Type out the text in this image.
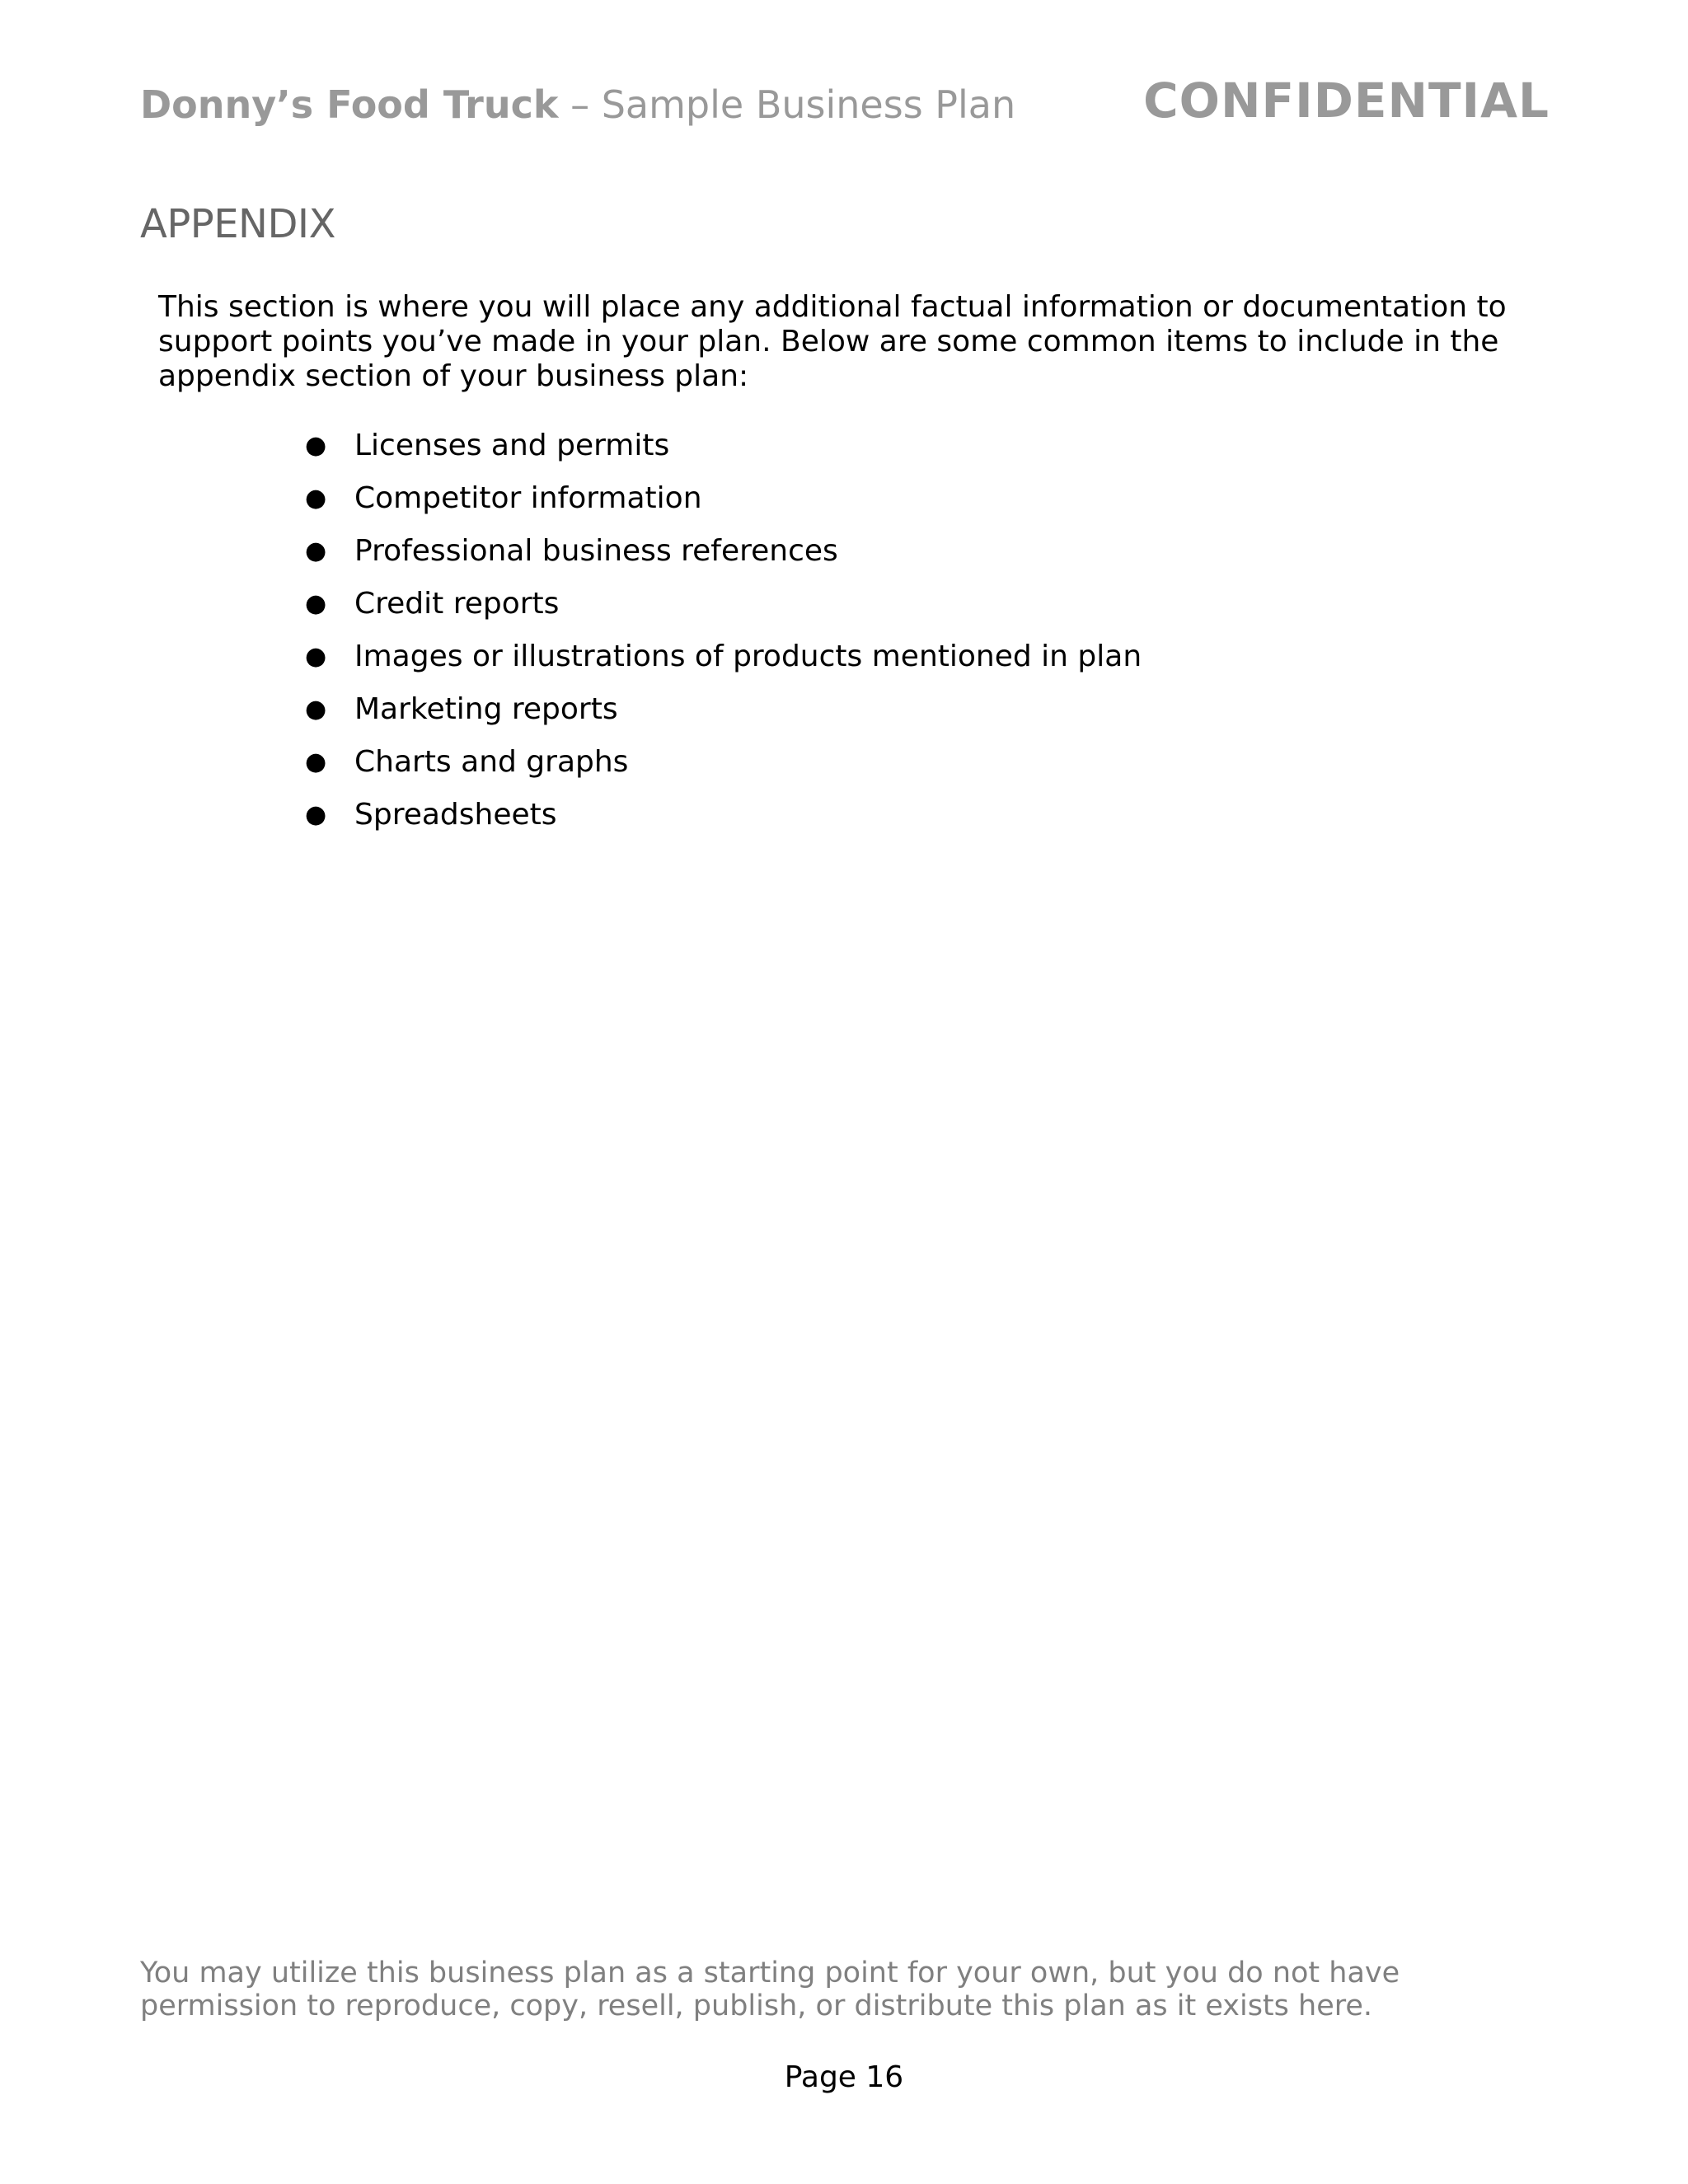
Donny’s Food Truck – Sample Business Plan	CONFIDENTIAL
APPENDIX

This section is where you will place any additional factual information or documentation to support points you’ve made in your plan. Below are some common items to include in the appendix section of your business plan:

● Licenses and permits
● Competitor information
● Professional business references
● Credit reports
● Images or illustrations of products mentioned in plan
● Marketing reports
● Charts and graphs
● Spreadsheets

You may utilize this business plan as a starting point for your own, but you do not have permission to reproduce, copy, resell, publish, or distribute this plan as it exists here.

Page 16
